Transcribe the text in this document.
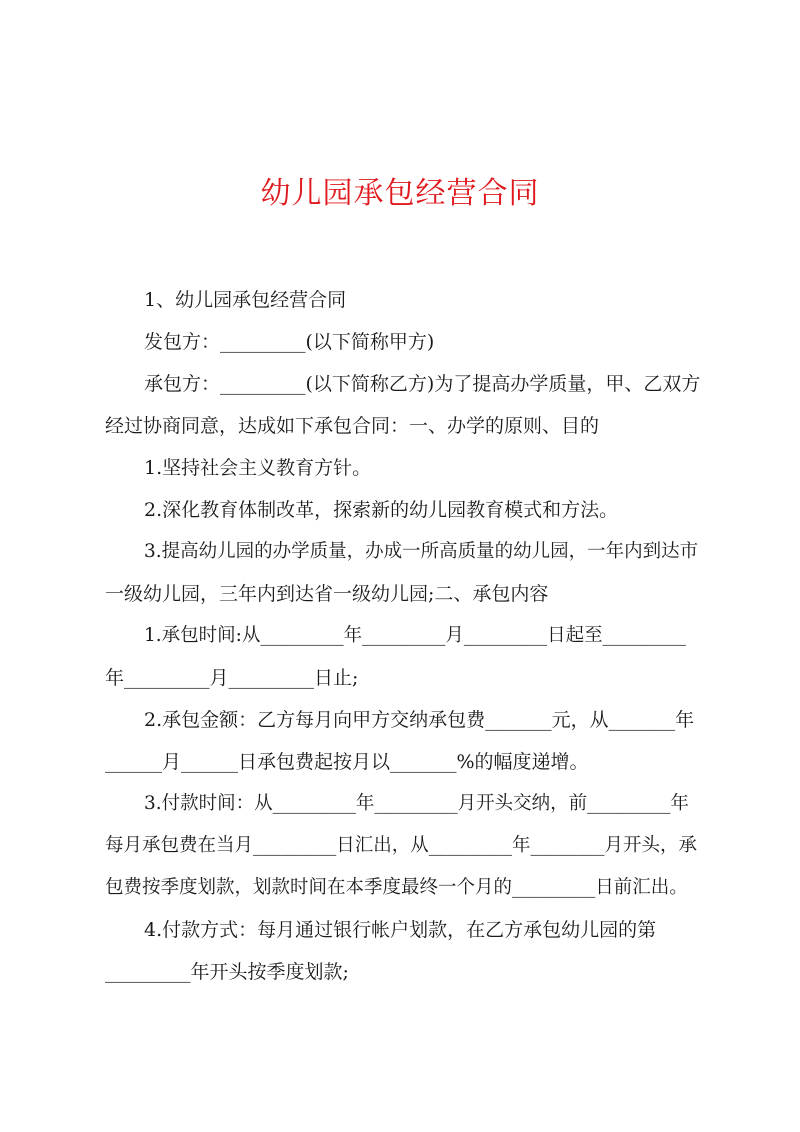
幼儿园承包经营合同

1、幼儿园承包经营合同

发包方：_________(以下简称甲方)

承包方：_________(以下简称乙方)为了提高办学质量，甲、乙双方

经过协商同意，达成如下承包合同：一、办学的原则、目的

1.坚持社会主义教育方针。

2.深化教育体制改革，探索新的幼儿园教育模式和方法。

3.提高幼儿园的办学质量，办成一所高质量的幼儿园，一年内到达市

一级幼儿园，三年内到达省一级幼儿园;二、承包内容

1.承包时间:从_________年_________月_________日起至_________

年_________月_________日止;

2.承包金额：乙方每月向甲方交纳承包费_______元，从_______年

______月______日承包费起按月以_______%的幅度递增。

3.付款时间：从_________年_________月开头交纳，前_________年

每月承包费在当月_________日汇出，从_________年________月开头，承

包费按季度划款，划款时间在本季度最终一个月的_________日前汇出。

4.付款方式：每月通过银行帐户划款，在乙方承包幼儿园的第

_________年开头按季度划款;
